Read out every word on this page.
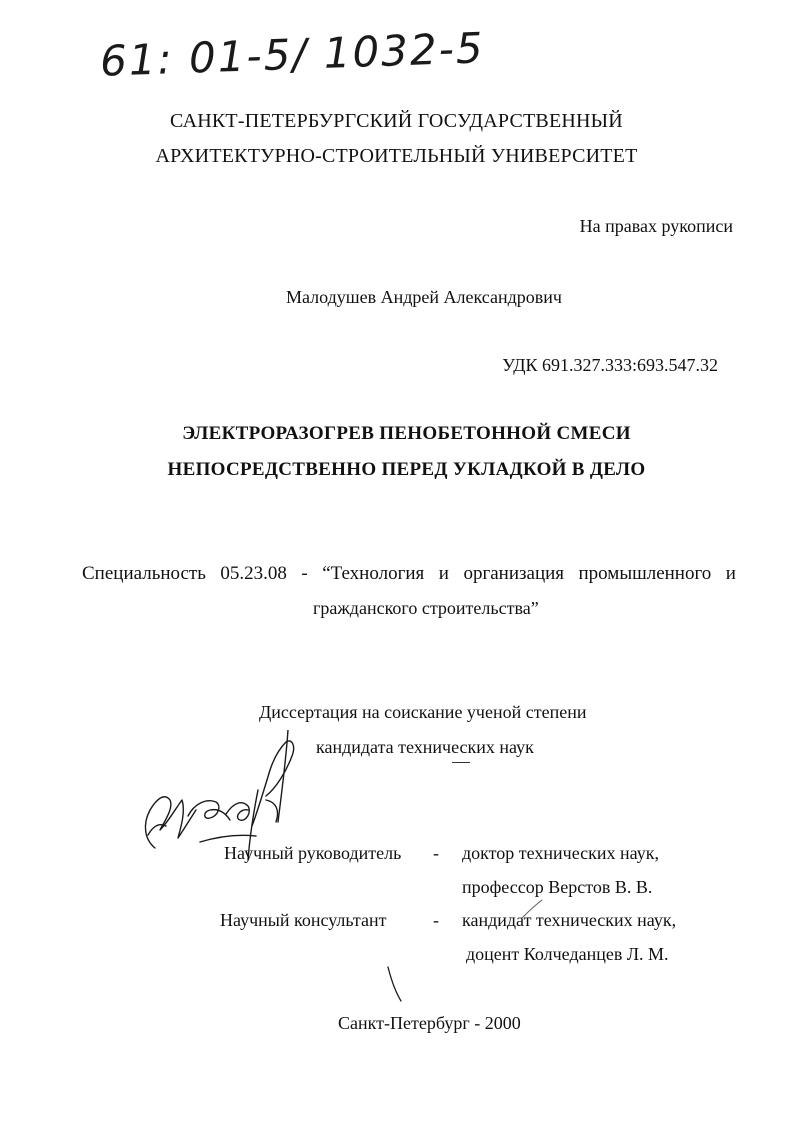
61: 01-5/ 1032-5
САНКТ-ПЕТЕРБУРГСКИЙ ГОСУДАРСТВЕННЫЙ
АРХИТЕКТУРНО-СТРОИТЕЛЬНЫЙ УНИВЕРСИТЕТ
На правах рукописи
Малодушев Андрей Александрович
УДК 691.327.333:693.547.32
ЭЛЕКТРОРАЗОГРЕВ ПЕНОБЕТОННОЙ СМЕСИ
НЕПОСРЕДСТВЕННО ПЕРЕД УКЛАДКОЙ В ДЕЛО
Специальность 05.23.08 - “Технология и организация промышленного и
гражданского строительства”
Диссертация на соискание ученой степени
кандидата технических наук
Научный руководитель - доктор технических наук,
профессор Верстов В. В.
Научный консультант	- кандидат технических наук,
доцент Колчеданцев Л. М.
Санкт-Петербург - 2000
